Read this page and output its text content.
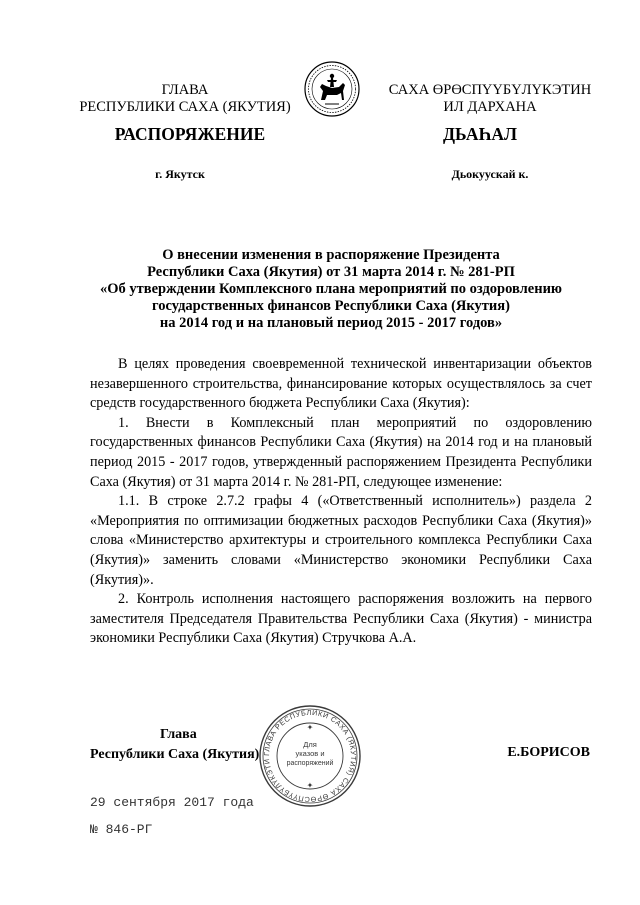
ГЛАВА
РЕСПУБЛИКИ САХА (ЯКУТИЯ)
САХА ӨРӨСПҮҮБҮЛҮКЭТИН
ИЛ ДАРХАНА
РАСПОРЯЖЕНИЕ	ДЬАҺАЛ
г. Якутск	Дьокуускай к.
О внесении изменения в распоряжение Президента
Республики Саха (Якутия) от 31 марта 2014 г. № 281-РП
«Об утверждении Комплексного плана мероприятий по оздоровлению
государственных финансов Республики Саха (Якутия)
на 2014 год и на плановый период 2015 - 2017 годов»

В целях проведения своевременной технической инвентаризации объектов незавершенного строительства, финансирование которых осуществлялось за счет средств государственного бюджета Республики Саха (Якутия):

1. Внести в Комплексный план мероприятий по оздоровлению государственных финансов Республики Саха (Якутия) на 2014 год и на плановый период 2015 - 2017 годов, утвержденный распоряжением Президента Республики Саха (Якутия) от 31 марта 2014 г. № 281-РП, следующее изменение:

1.1. В строке 2.7.2 графы 4 («Ответственный исполнитель») раздела 2 «Мероприятия по оптимизации бюджетных расходов Республики Саха (Якутия)» слова «Министерство архитектуры и строительного комплекса Республики Саха (Якутия)» заменить словами «Министерство экономики Республики Саха (Якутия)».

2. Контроль исполнения настоящего распоряжения возложить на первого заместителя Председателя Правительства Республики Саха (Якутия) - министра экономики Республики Саха (Якутия) Стручкова А.А.

Глава
Республики Саха (Якутия)	Е.БОРИСОВ
ГЛАВА РЕСПУБЛИКИ САХА (ЯКУТИЯ) САХА ӨРӨСПҮҮБҮЛҮКЭТИ
Для
указов и
распоряжений
✦
✦
29 сентября 2017 года
№ 846-РГ
